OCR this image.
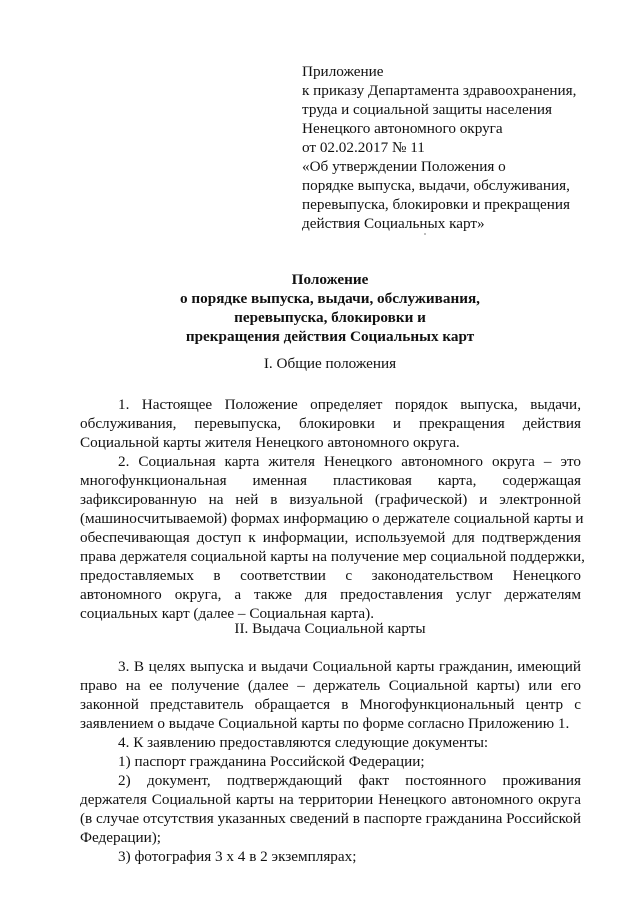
Приложение
к приказу Департамента здравоохранения,
труда и социальной защиты населения
Ненецкого автономного округа
от 02.02.2017 № 11
«Об утверждении Положения о
порядке выпуска, выдачи, обслуживания,
перевыпуска, блокировки и прекращения
действия Социальных карт»
Положение
о порядке выпуска, выдачи, обслуживания,
перевыпуска, блокировки и
прекращения действия Социальных карт
I. Общие положения
1. Настоящее Положение определяет порядок выпуска, выдачи,
обслуживания, перевыпуска, блокировки и прекращения действия
Социальной карты жителя Ненецкого автономного округа.
2. Социальная карта жителя Ненецкого автономного округа – это
многофункциональная именная пластиковая карта, содержащая
зафиксированную на ней в визуальной (графической) и электронной
(машиносчитываемой) формах информацию о держателе социальной карты и
обеспечивающая доступ к информации, используемой для подтверждения
права держателя социальной карты на получение мер социальной поддержки,
предоставляемых в соответствии с законодательством Ненецкого
автономного округа, а также для предоставления услуг держателям
социальных карт (далее – Социальная карта).
II. Выдача Социальной карты
3. В целях выпуска и выдачи Социальной карты гражданин, имеющий
право на ее получение (далее – держатель Социальной карты) или его
законной представитель обращается в Многофункциональный центр с
заявлением о выдаче Социальной карты по форме согласно Приложению 1.
4. К заявлению предоставляются следующие документы:
1) паспорт гражданина Российской Федерации;
2) документ, подтверждающий факт постоянного проживания
держателя Социальной карты на территории Ненецкого автономного округа
(в случае отсутствия указанных сведений в паспорте гражданина Российской
Федерации);
3) фотография 3 х 4 в 2 экземплярах;
